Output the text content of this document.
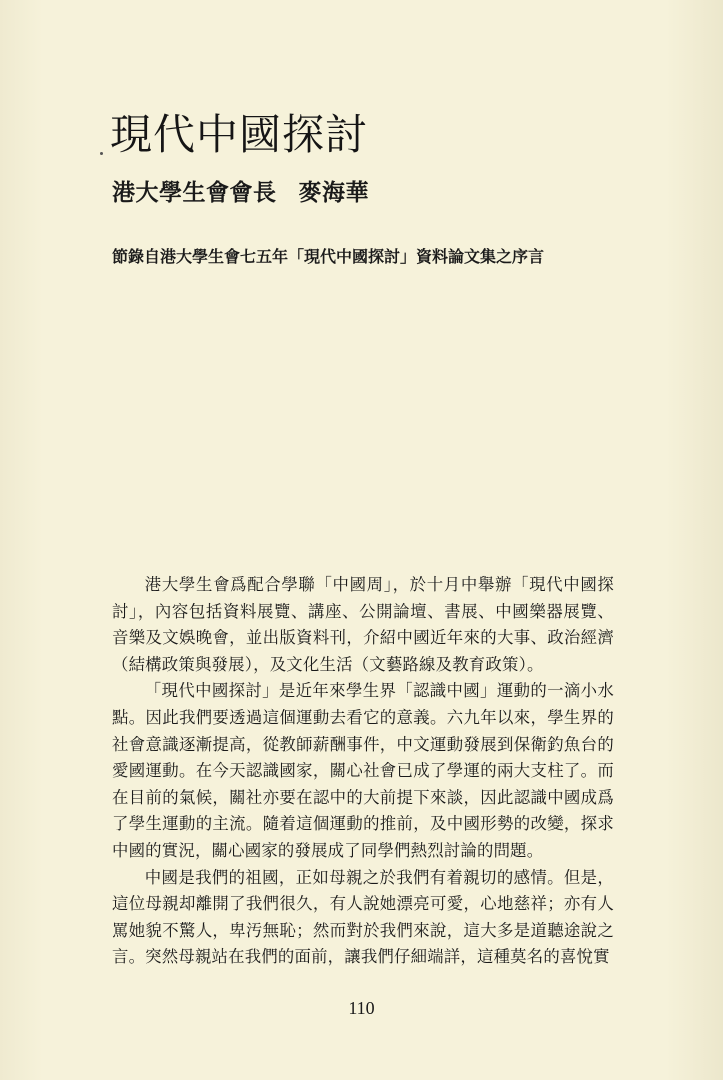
現代中國探討
港大學生會會長 麥海華
節錄自港大學生會七五年「現代中國探討」資料論文集之序言

港大學生會爲配合學聯「中國周」，於十月中舉辦「現代中國探討」，內容包括資料展覽、講座、公開論壇、書展、中國樂器展覽、音樂及文娛晚會，並出版資料刊，介紹中國近年來的大事、政治經濟（結構政策與發展），及文化生活（文藝路線及教育政策）。

「現代中國探討」是近年來學生界「認識中國」運動的一滴小水點。因此我們要透過這個運動去看它的意義。六九年以來，學生界的社會意識逐漸提高，從教師薪酬事件，中文運動發展到保衛釣魚台的愛國運動。在今天認識國家，關心社會已成了學運的兩大支柱了。而在目前的氣候，關社亦要在認中的大前提下來談，因此認識中國成爲了學生運動的主流。隨着這個運動的推前，及中國形勢的改變，探求中國的實況，關心國家的發展成了同學們熱烈討論的問題。

中國是我們的祖國，正如母親之於我們有着親切的感情。但是，這位母親却離開了我們很久，有人說她漂亮可愛，心地慈祥；亦有人罵她貌不驚人，卑汚無恥；然而對於我們來說，這大多是道聽途說之言。突然母親站在我們的面前，讓我們仔細端詳，這種莫名的喜悅實

110
